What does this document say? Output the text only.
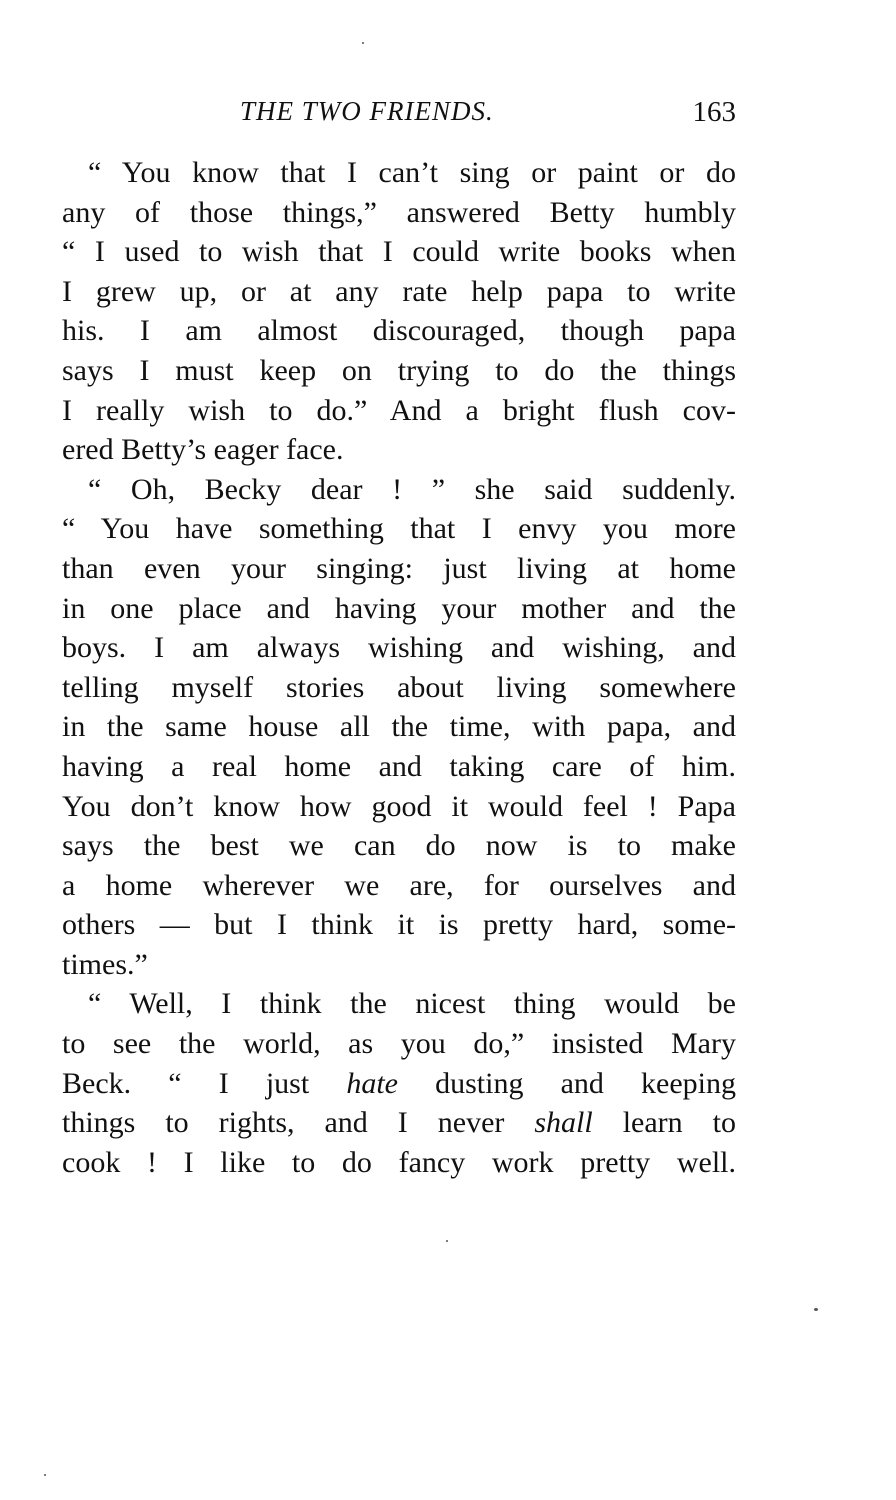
THE TWO FRIENDS.	163
“ You know that I can’t sing or paint or do
any of those things,” answered Betty humbly
“ I used to wish that I could write books when
I grew up, or at any rate help papa to write
his. I am almost discouraged, though papa
says I must keep on trying to do the things
I really wish to do.” And a bright flush cov-
ered Betty’s eager face.
“ Oh, Becky dear ! ” she said suddenly.
“ You have something that I envy you more
than even your singing: just living at home
in one place and having your mother and the
boys. I am always wishing and wishing, and
telling myself stories about living somewhere
in the same house all the time, with papa, and
having a real home and taking care of him.
You don’t know how good it would feel ! Papa
says the best we can do now is to make
a home wherever we are, for ourselves and
others — but I think it is pretty hard, some-
times.”
“ Well, I think the nicest thing would be
to see the world, as you do,” insisted Mary
Beck. “ I just hate dusting and keeping
things to rights, and I never shall learn to
cook ! I like to do fancy work pretty well.
